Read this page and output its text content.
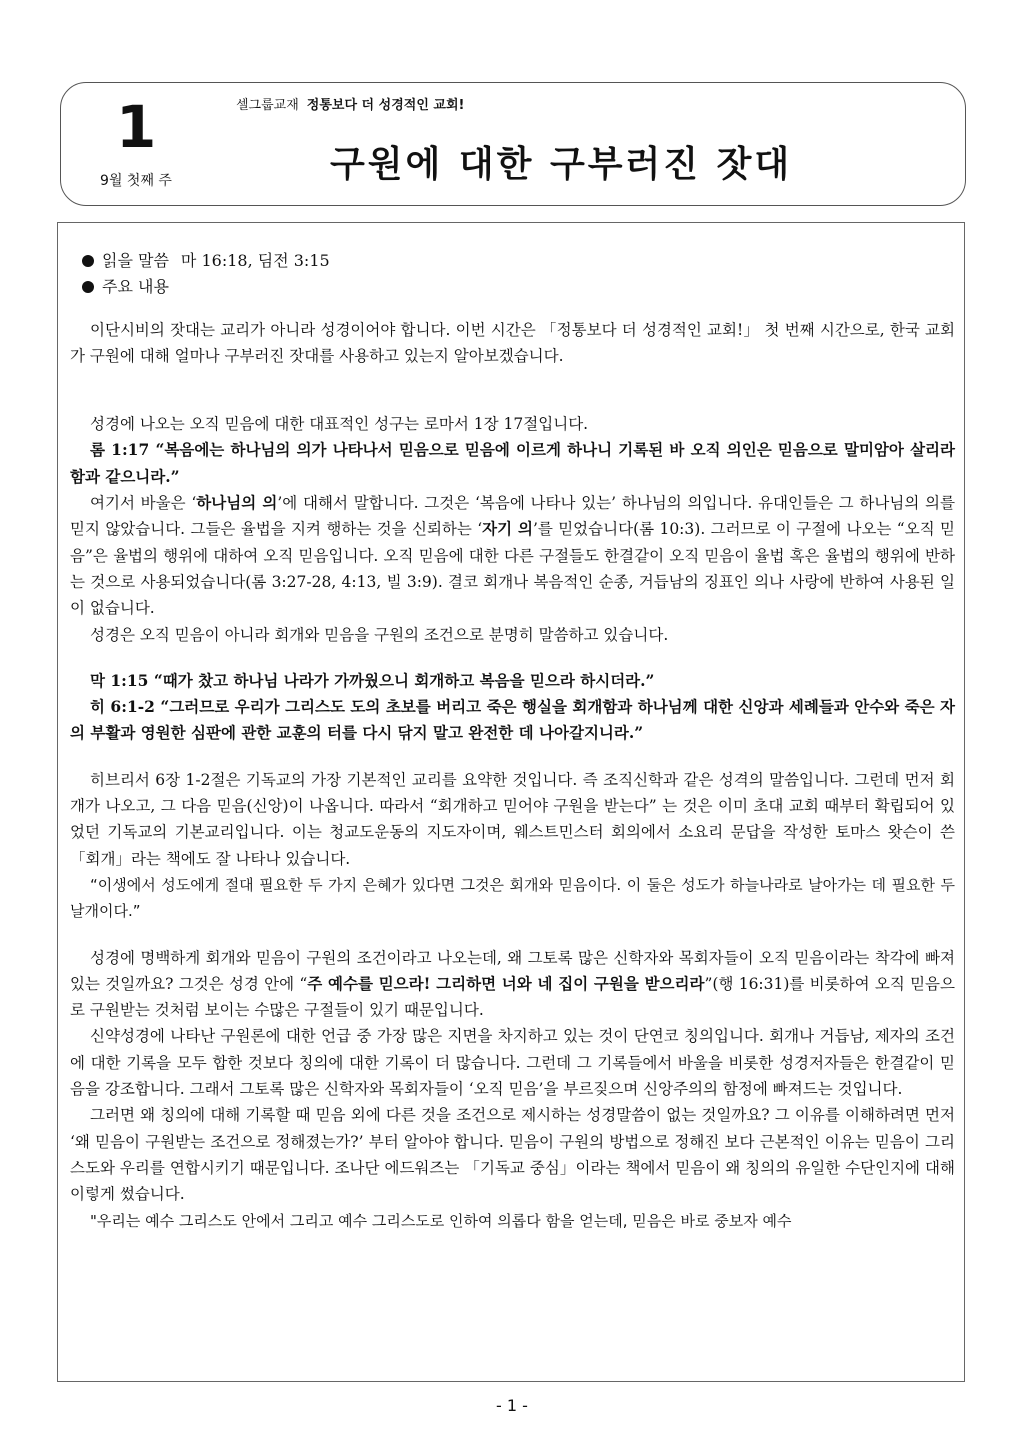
1
9월 첫째 주
셀그룹교재 정통보다 더 성경적인 교회!
구원에 대한 구부러진 잣대

읽을 말씀 마 16:18, 딤전 3:15

주요 내용

이단시비의 잣대는 교리가 아니라 성경이어야 합니다. 이번 시간은 「정통보다 더 성경적인 교회!」 첫 번째 시간으로, 한국 교회가 구원에 대해 얼마나 구부러진 잣대를 사용하고 있는지 알아보겠습니다.

성경에 나오는 오직 믿음에 대한 대표적인 성구는 로마서 1장 17절입니다.

롬 1:17 “복음에는 하나님의 의가 나타나서 믿음으로 믿음에 이르게 하나니 기록된 바 오직 의인은 믿음으로 말미암아 살리라 함과 같으니라.”

여기서 바울은 ‘하나님의 의’에 대해서 말합니다. 그것은 ‘복음에 나타나 있는’ 하나님의 의입니다. 유대인들은 그 하나님의 의를 믿지 않았습니다. 그들은 율법을 지켜 행하는 것을 신뢰하는 ‘자기 의’를 믿었습니다(롬 10:3). 그러므로 이 구절에 나오는 “오직 믿음”은 율법의 행위에 대하여 오직 믿음입니다. 오직 믿음에 대한 다른 구절들도 한결같이 오직 믿음이 율법 혹은 율법의 행위에 반하는 것으로 사용되었습니다(롬 3:27-28, 4:13, 빌 3:9). 결코 회개나 복음적인 순종, 거듭남의 징표인 의나 사랑에 반하여 사용된 일이 없습니다.

성경은 오직 믿음이 아니라 회개와 믿음을 구원의 조건으로 분명히 말씀하고 있습니다.

막 1:15 “때가 찼고 하나님 나라가 가까웠으니 회개하고 복음을 믿으라 하시더라.”

히 6:1-2 “그러므로 우리가 그리스도 도의 초보를 버리고 죽은 행실을 회개함과 하나님께 대한 신앙과 세례들과 안수와 죽은 자의 부활과 영원한 심판에 관한 교훈의 터를 다시 닦지 말고 완전한 데 나아갈지니라.”

히브리서 6장 1-2절은 기독교의 가장 기본적인 교리를 요약한 것입니다. 즉 조직신학과 같은 성격의 말씀입니다. 그런데 먼저 회개가 나오고, 그 다음 믿음(신앙)이 나옵니다. 따라서 “회개하고 믿어야 구원을 받는다” 는 것은 이미 초대 교회 때부터 확립되어 있었던 기독교의 기본교리입니다. 이는 청교도운동의 지도자이며, 웨스트민스터 회의에서 소요리 문답을 작성한 토마스 왓슨이 쓴 「회개」라는 책에도 잘 나타나 있습니다.

“이생에서 성도에게 절대 필요한 두 가지 은혜가 있다면 그것은 회개와 믿음이다. 이 둘은 성도가 하늘나라로 날아가는 데 필요한 두 날개이다.”

성경에 명백하게 회개와 믿음이 구원의 조건이라고 나오는데, 왜 그토록 많은 신학자와 목회자들이 오직 믿음이라는 착각에 빠져 있는 것일까요? 그것은 성경 안에 “주 예수를 믿으라! 그리하면 너와 네 집이 구원을 받으리라”(행 16:31)를 비롯하여 오직 믿음으로 구원받는 것처럼 보이는 수많은 구절들이 있기 때문입니다.

신약성경에 나타난 구원론에 대한 언급 중 가장 많은 지면을 차지하고 있는 것이 단연코 칭의입니다. 회개나 거듭남, 제자의 조건에 대한 기록을 모두 합한 것보다 칭의에 대한 기록이 더 많습니다. 그런데 그 기록들에서 바울을 비롯한 성경저자들은 한결같이 믿음을 강조합니다. 그래서 그토록 많은 신학자와 목회자들이 ‘오직 믿음’을 부르짖으며 신앙주의의 함정에 빠져드는 것입니다.

그러면 왜 칭의에 대해 기록할 때 믿음 외에 다른 것을 조건으로 제시하는 성경말씀이 없는 것일까요? 그 이유를 이해하려면 먼저 ‘왜 믿음이 구원받는 조건으로 정해졌는가?’ 부터 알아야 합니다. 믿음이 구원의 방법으로 정해진 보다 근본적인 이유는 믿음이 그리스도와 우리를 연합시키기 때문입니다. 조나단 에드워즈는 「기독교 중심」이라는 책에서 믿음이 왜 칭의의 유일한 수단인지에 대해 이렇게 썼습니다.

"우리는 예수 그리스도 안에서 그리고 예수 그리스도로 인하여 의롭다 함을 얻는데, 믿음은 바로 중보자 예수

- 1 -
